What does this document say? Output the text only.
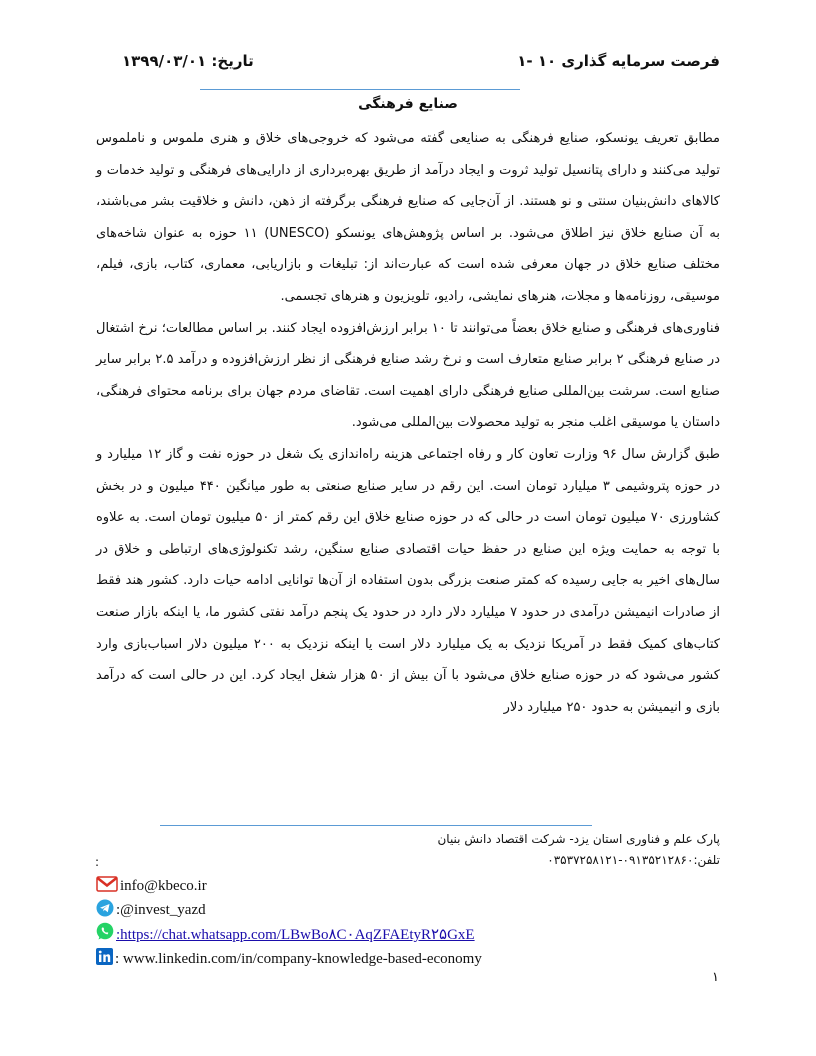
فرصت سرمایه گذاری ۱۰ -۱
تاریخ: ۱۳۹۹/۰۳/۰۱
صنایع فرهنگی

مطابق تعریف یونسکو، صنایع فرهنگی به صنایعی گفته می‌شود که خروجی‌های خلاق و هنری ملموس و ناملموس تولید می‌کنند و دارای پتانسیل تولید ثروت و ایجاد درآمد از طریق بهره‌برداری از دارایی‌های فرهنگی و تولید خدمات و کالاهای دانش‌بنیان سنتی و نو هستند. از آن‌جایی که صنایع فرهنگی برگرفته از ذهن، دانش و خلاقیت بشر می‌باشند، به آن صنایع خلاق نیز اطلاق می‌شود. بر اساس پژوهش‌های یونسکو (UNESCO) ۱۱ حوزه به عنوان شاخه‌های مختلف صنایع خلاق در جهان معرفی شده است که عبارت‌اند از: تبلیغات و بازاریابی، معماری، کتاب، بازی، فیلم، موسیقی، روزنامه‌ها و مجلات، هنرهای نمایشی، رادیو، تلویزیون و هنرهای تجسمی.

فناوری‌های فرهنگی و صنایع خلاق بعضاً می‌توانند تا ۱۰ برابر ارزش‌افزوده ایجاد کنند. بر اساس مطالعات؛ نرخ اشتغال در صنایع فرهنگی ۲ برابر صنایع متعارف است و نرخ رشد صنایع فرهنگی از نظر ارزش‌افزوده و درآمد ۲.۵ برابر سایر صنایع است. سرشت بین‌المللی صنایع فرهنگی دارای اهمیت است. تقاضای مردم جهان برای برنامه محتوای فرهنگی، داستان یا موسیقی اغلب منجر به تولید محصولات بین‌المللی می‌شود.

طبق گزارش سال ۹۶ وزارت تعاون کار و رفاه اجتماعی هزینه راه‌اندازی یک شغل در حوزه نفت و گاز ۱۲ میلیارد و در حوزه پتروشیمی ۳ میلیارد تومان است. این رقم در سایر صنایع صنعتی به طور میانگین ۴۴۰ میلیون و در بخش کشاورزی ۷۰ میلیون تومان است در حالی که در حوزه صنایع خلاق این رقم کمتر از ۵۰ میلیون تومان است. به علاوه با توجه به حمایت ویژه این صنایع در حفظ حیات اقتصادی صنایع سنگین، رشد تکنولوژی‌های ارتباطی و خلاق در سال‌های اخیر به جایی رسیده که کمتر صنعت بزرگی بدون استفاده از آن‌ها توانایی ادامه حیات دارد. کشور هند فقط از صادرات انیمیشن درآمدی در حدود ۷ میلیارد دلار دارد در حدود یک پنجم درآمد نفتی کشور ما، یا اینکه بازار صنعت کتاب‌های کمیک فقط در آمریکا نزدیک به یک میلیارد دلار است یا اینکه نزدیک به ۲۰۰ میلیون دلار اسباب‌بازی وارد کشور می‌شود که در حوزه صنایع خلاق می‌شود با آن بیش از ۵۰ هزار شغل ایجاد کرد. این در حالی است که درآمد بازی و انیمیشن به حدود ۲۵۰ میلیارد دلار

پارک علم و فناوری استان یزد- شرکت اقتصاد دانش بنیان
تلفن:۰۹۱۳۵۲۱۲۸۶۰-۰۳۵۳۷۲۵۸۱۲۱
:
info@kbeco.ir
:@invest_yazd
:https://chat.whatsapp.com/LBwBo۸C۰AqZFAEtyR۲۵GxE
: www.linkedin.com/in/company-knowledge-based-economy
۱
